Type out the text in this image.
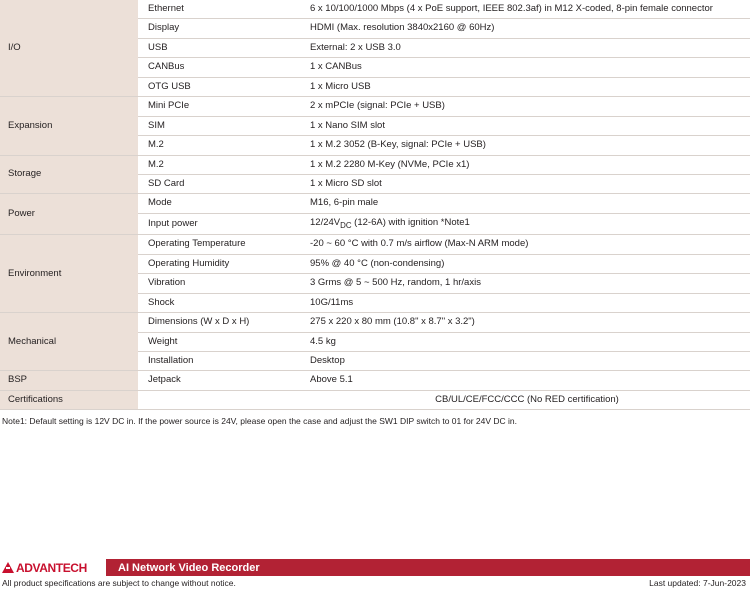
I/O	Ethernet	6 x 10/100/1000 Mbps (4 x PoE support, IEEE 802.3af) in M12 X-coded, 8-pin female connector
	Display	HDMI (Max. resolution 3840x2160 @ 60Hz)
	USB	External: 2 x USB 3.0
	CANBus	1 x CANBus
	OTG USB	1 x Micro USB
Expansion	Mini PCIe	2 x mPCIe (signal: PCIe + USB)
	SIM	1 x Nano SIM slot
	M.2	1 x M.2 3052 (B-Key, signal: PCIe + USB)
Storage	M.2	1 x M.2 2280 M-Key (NVMe, PCIe x1)
	SD Card	1 x Micro SD slot
Power	Mode	M16, 6-pin male
	Input power	$12/24V_{DC}$ (12-6A) with ignition *Note1
Environment	Operating Temperature	-20 ~ 60 °C with 0.7 m/s airflow (Max-N ARM mode)
	Operating Humidity	95% @ 40 °C (non-condensing)
	Vibration	3 Grms @ 5 ~ 500 Hz, random, 1 hr/axis
	Shock	10G/11ms
Mechanical	Dimensions (W x D x H)	275 x 220 x 80 mm (10.8" x 8.7" x 3.2")
	Weight	4.5 kg
	Installation	Desktop
BSP	Jetpack	Above 5.1
Certifications		CB/UL/CE/FCC/CCC (No RED certification)
Note1: Default setting is 12V DC in. If the power source is 24V, please open the case and adjust the SW1 DIP switch to 01 for 24V DC in.
ADVANTECH	AI Network Video Recorder
All product specifications are subject to change without notice.	Last updated: 7-Jun-2023
